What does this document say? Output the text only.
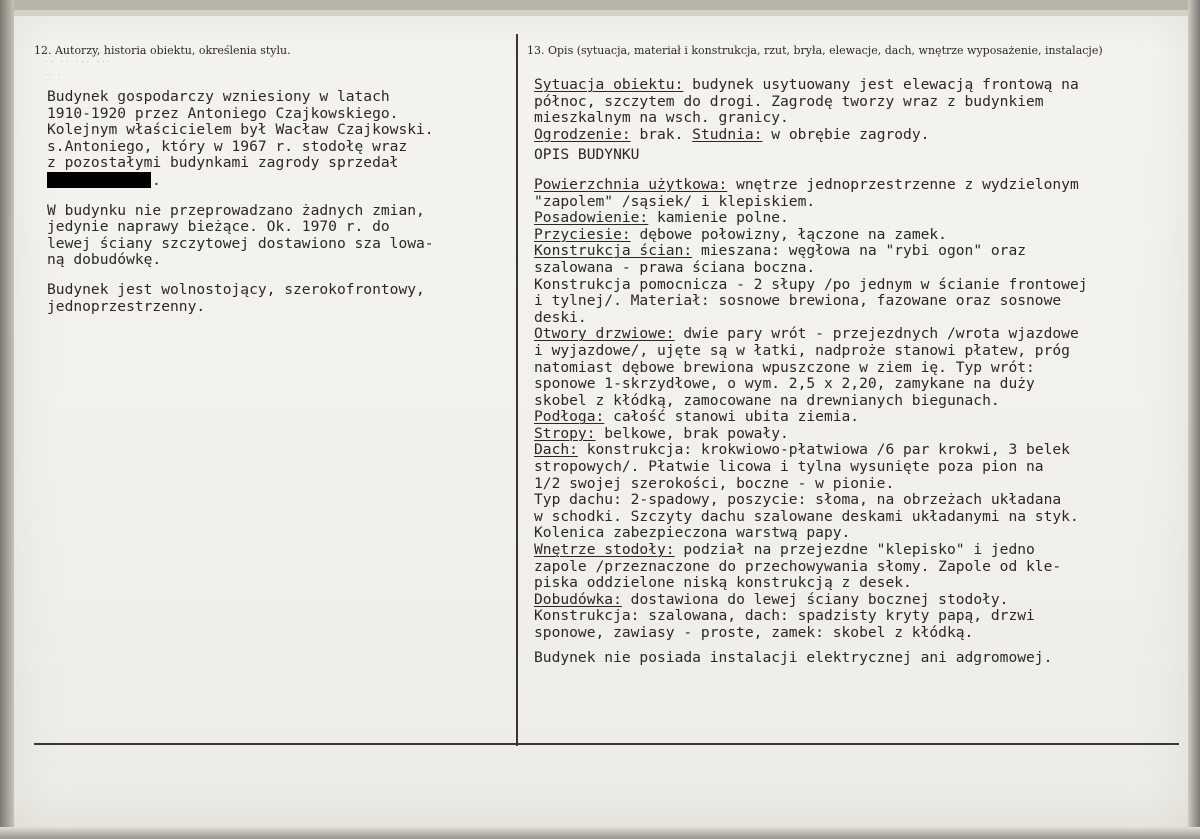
12. Autorzy, historia obiektu, określenia stylu.	13. Opis (sytuacja, materiał i konstrukcja, rzut, bryła, elewacje, dach, wnętrze wyposażenie, instalacje)
·· ·· ··· ···
·· ·
Budynek gospodarczy wzniesiony w latach
1910-1920 przez Antoniego Czajkowskiego.
Kolejnym właścicielem był Wacław Czajkowski.
s.Antoniego, który w 1967 r. stodołę wraz
z pozostałymi budynkami zagrody sprzedał
.
W budynku nie przeprowadzano żadnych zmian,
jedynie naprawy bieżące. Ok. 1970 r. do
lewej ściany szczytowej dostawiono sza lowa-
ną dobudówkę.
Budynek jest wolnostojący, szerokofrontowy,
jednoprzestrzenny.
Sytuacja obiektu: budynek usytuowany jest elewacją frontową na
północ, szczytem do drogi. Zagrodę tworzy wraz z budynkiem
mieszkalnym na wsch. granicy.
Ogrodzenie: brak. Studnia: w obrębie zagrody.
OPIS BUDYNKU
Powierzchnia użytkowa: wnętrze jednoprzestrzenne z wydzielonym
"zapolem" /sąsiek/ i klepiskiem.
Posadowienie: kamienie polne.
Przyciesie: dębowe połowizny, łączone na zamek.
Konstrukcja ścian: mieszana: węgłowa na "rybi ogon" oraz
szalowana - prawa ściana boczna.
Konstrukcja pomocnicza - 2 słupy /po jednym w ścianie frontowej
i tylnej/. Materiał: sosnowe brewiona, fazowane oraz sosnowe
deski.
Otwory drzwiowe: dwie pary wrót - przejezdnych /wrota wjazdowe
i wyjazdowe/, ujęte są w łatki, nadproże stanowi płatew, próg
natomiast dębowe brewiona wpuszczone w ziem ię. Typ wrót:
sponowe 1-skrzydłowe, o wym. 2,5 x 2,20, zamykane na duży
skobel z kłódką, zamocowane na drewnianych biegunach.
Podłoga: całość stanowi ubita ziemia.
Stropy: belkowe, brak powały.
Dach: konstrukcja: krokwiowo-płatwiowa /6 par krokwi, 3 belek
stropowych/. Płatwie licowa i tylna wysunięte poza pion na
1/2 swojej szerokości, boczne - w pionie.
Typ dachu: 2-spadowy, poszycie: słoma, na obrzeżach układana
w schodki. Szczyty dachu szalowane deskami układanymi na styk.
Kolenica zabezpieczona warstwą papy.
Wnętrze stodoły: podział na przejezdne "klepisko" i jedno
zapole /przeznaczone do przechowywania słomy. Zapole od kle-
piska oddzielone niską konstrukcją z desek.
Dobudówka: dostawiona do lewej ściany bocznej stodoły.
Konstrukcja: szalowana, dach: spadzisty kryty papą, drzwi
sponowe, zawiasy - proste, zamek: skobel z kłódką.
Budynek nie posiada instalacji elektrycznej ani adgromowej.
